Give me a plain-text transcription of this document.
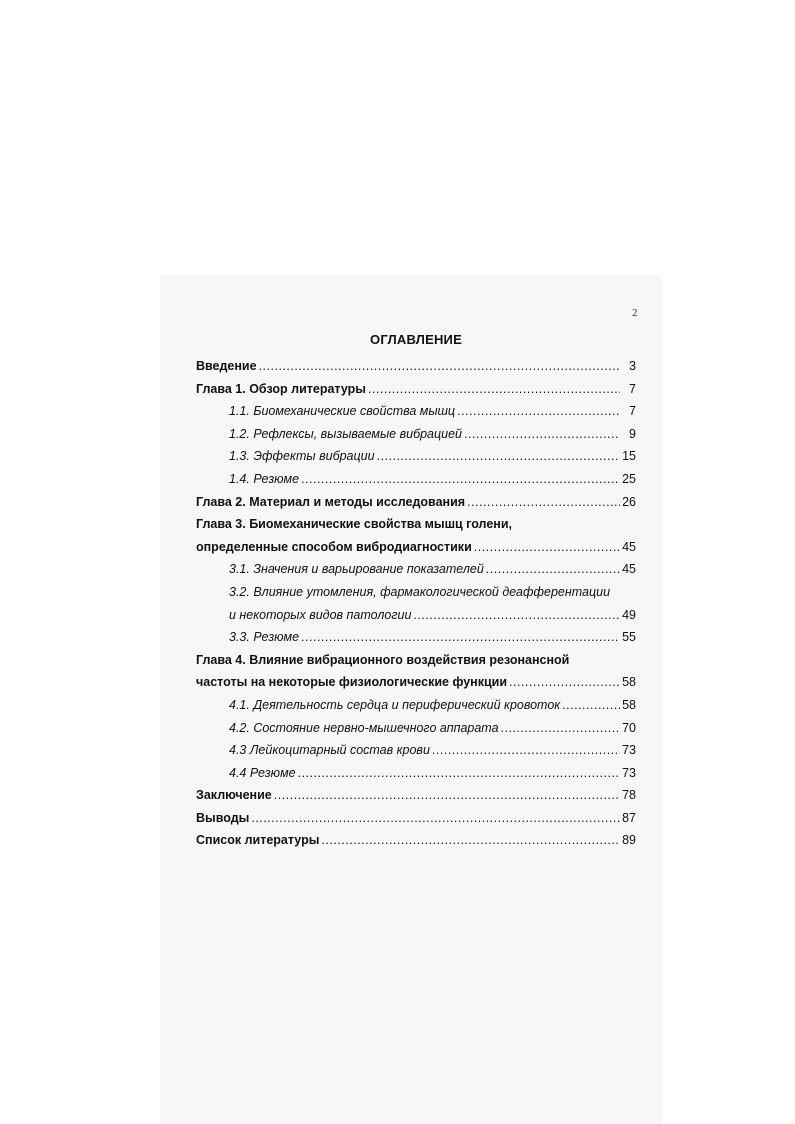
2
ОГЛАВЛЕНИЕ
Введение .....	3
Глава 1. Обзор литературы .....	7
1.1. Биомеханические свойства мышц .....	7
1.2. Рефлексы, вызываемые вибрацией .....	9
1.3. Эффекты вибрации .....	15
1.4. Резюме .....	25
Глава 2. Материал и методы исследования .....	26
Глава 3. Биомеханические свойства мышц голени,
определенные способом вибродиагностики .....	45
3.1. Значения и варьирование показателей .....	45
3.2. Влияние утомления, фармакологической деафферентации
и некоторых видов патологии .....	49
3.3. Резюме .....	55
Глава 4. Влияние вибрационного воздействия резонансной
частоты на некоторые физиологические функции .....	58
4.1. Деятельность сердца и периферический кровоток .....	58
4.2. Состояние нервно-мышечного аппарата .....	70
4.3 Лейкоцитарный состав крови .....	73
4.4 Резюме .....	73
Заключение .....	78
Выводы .....	87
Список литературы .....	89
